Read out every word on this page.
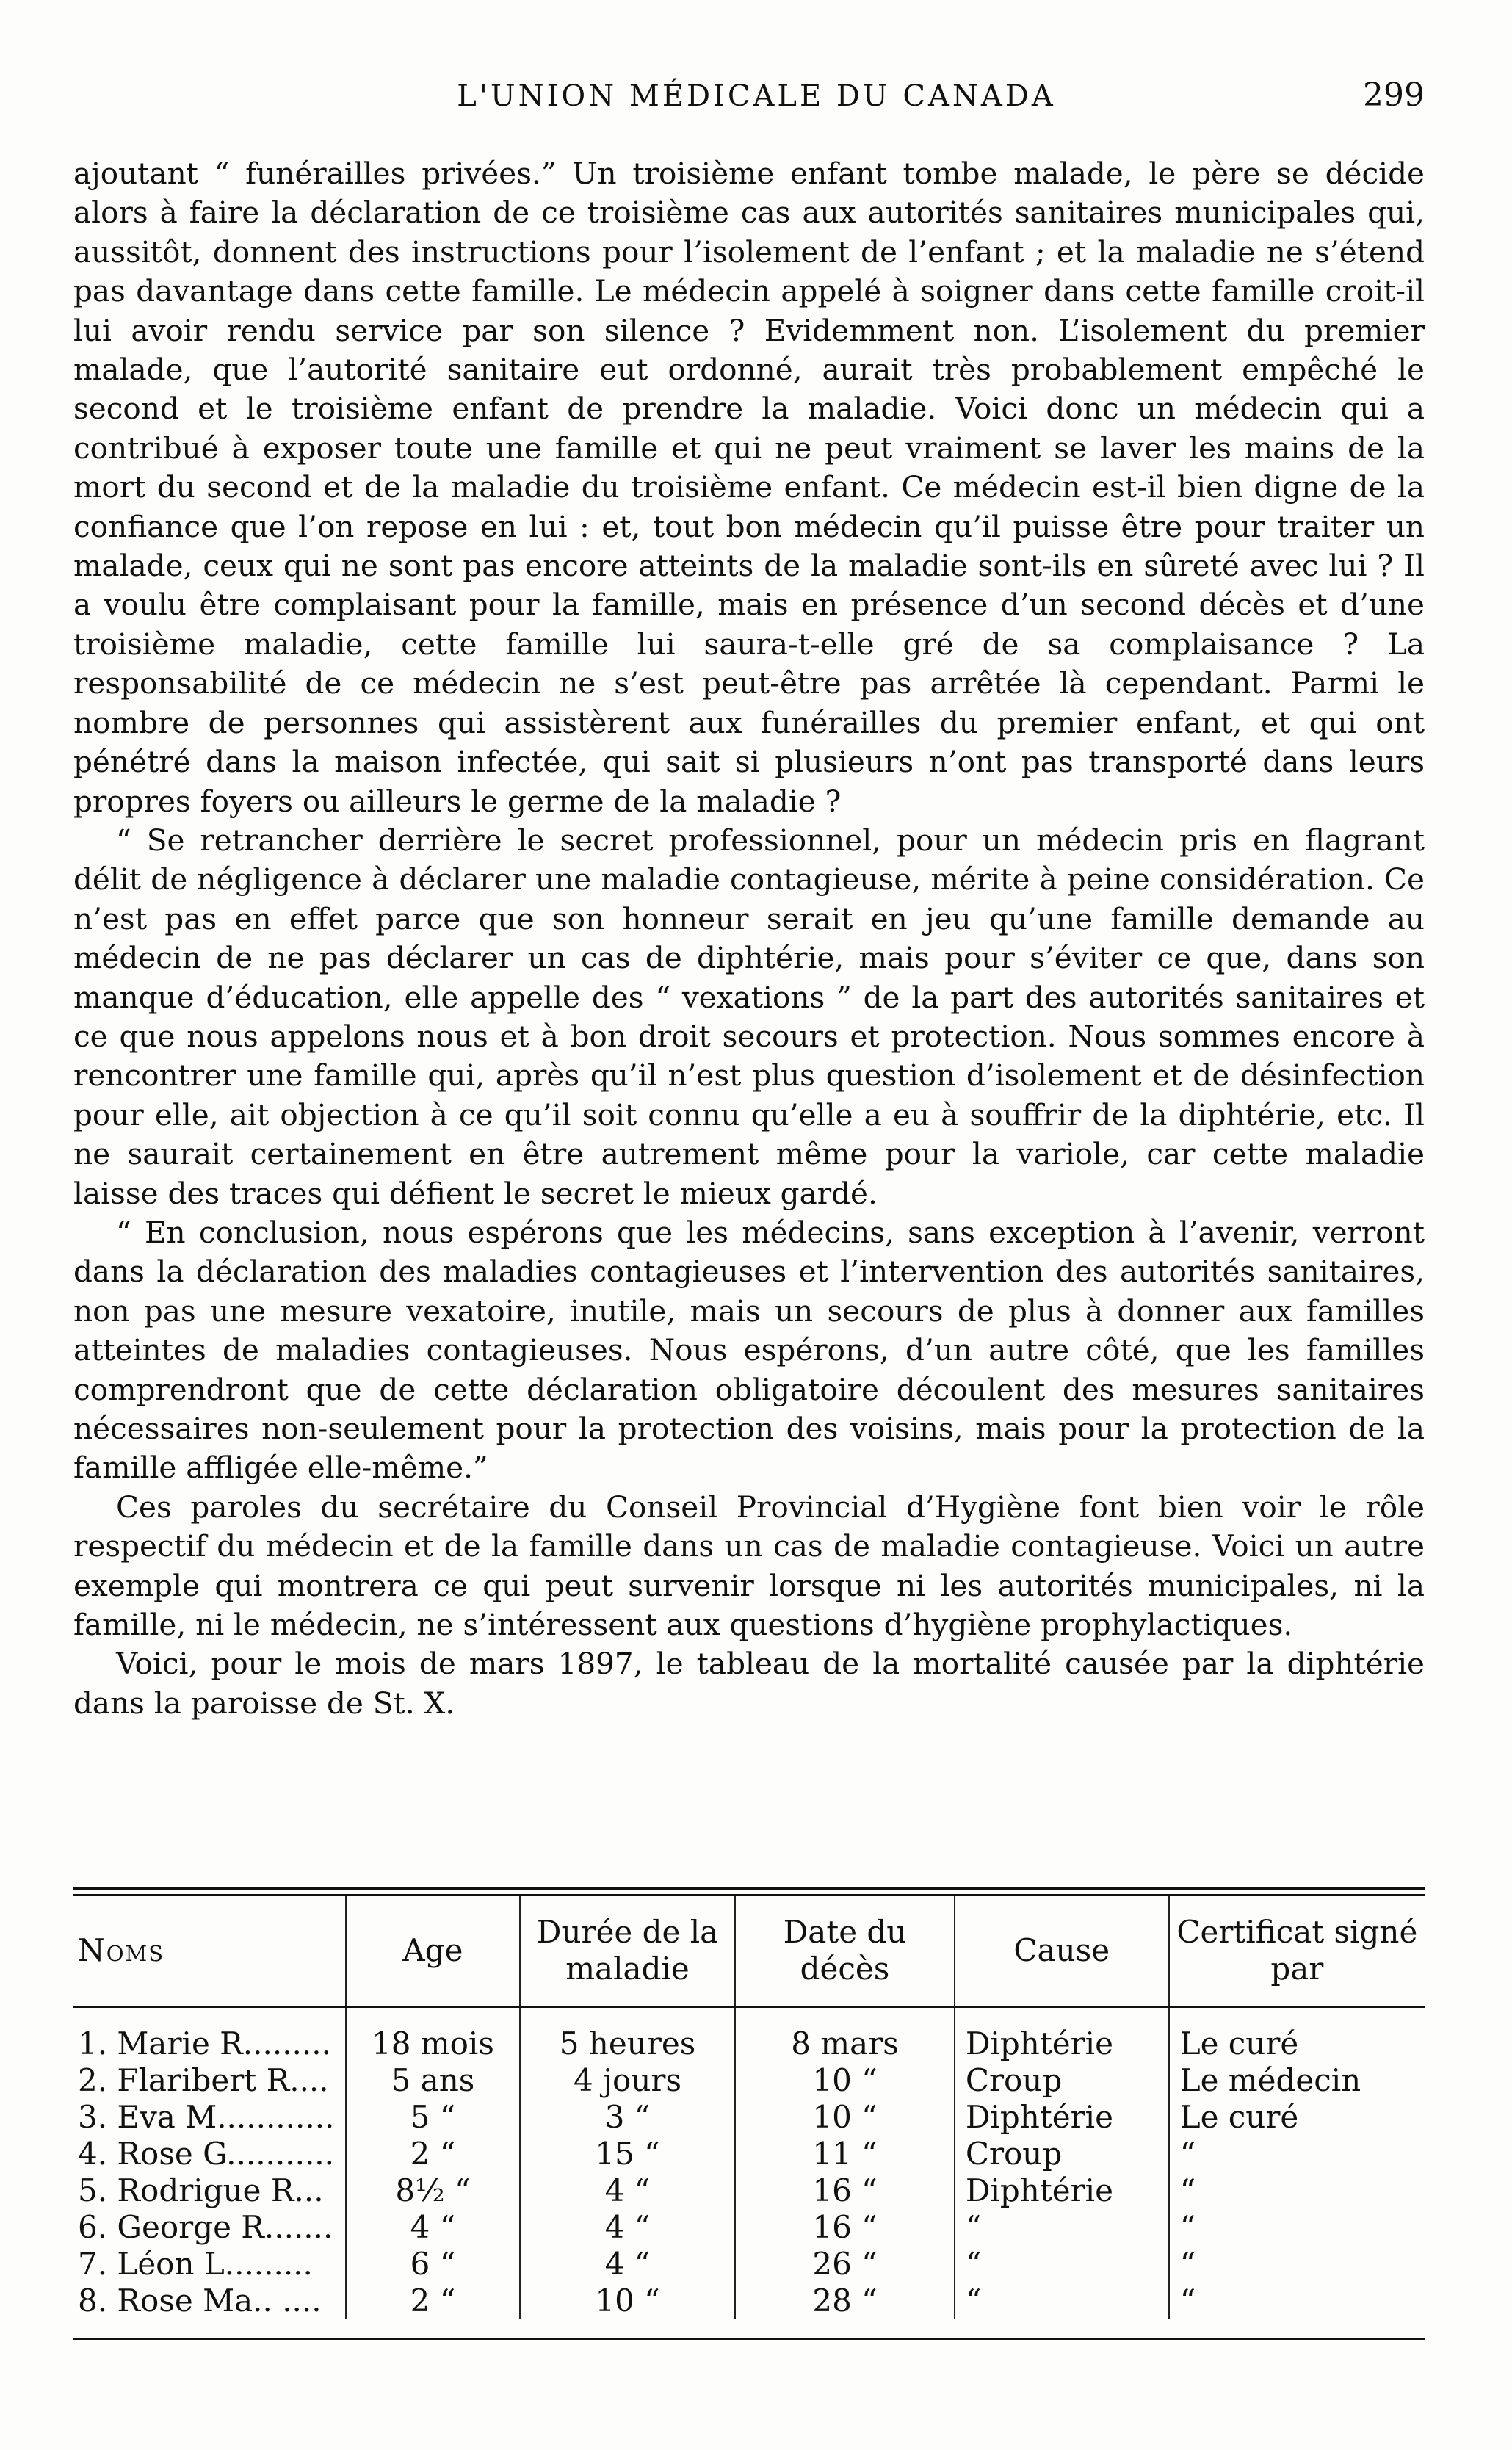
L'UNION MÉDICALE DU CANADA	299

ajoutant “ funérailles privées.” Un troisième enfant tombe malade, le père se décide alors à faire la déclaration de ce troisième cas aux autorités sanitaires municipales qui, aussitôt, donnent des instructions pour l’isolement de l’enfant ; et la maladie ne s’étend pas davantage dans cette famille. Le médecin appelé à soigner dans cette famille croit-il lui avoir rendu service par son silence ? Evidemment non. L’isolement du premier malade, que l’autorité sanitaire eut ordonné, aurait très probablement empêché le second et le troisième enfant de prendre la maladie. Voici donc un médecin qui a contribué à exposer toute une famille et qui ne peut vraiment se laver les mains de la mort du second et de la maladie du troisième enfant. Ce médecin est-il bien digne de la confiance que l’on repose en lui : et, tout bon médecin qu’il puisse être pour traiter un malade, ceux qui ne sont pas encore atteints de la maladie sont-ils en sûreté avec lui ? Il a voulu être complaisant pour la famille, mais en présence d’un second décès et d’une troisième maladie, cette famille lui saura-t-elle gré de sa complaisance ? La responsabilité de ce médecin ne s’est peut-être pas arrêtée là cependant. Parmi le nombre de personnes qui assistèrent aux funérailles du premier enfant, et qui ont pénétré dans la maison infectée, qui sait si plusieurs n’ont pas transporté dans leurs propres foyers ou ailleurs le germe de la maladie ?

“ Se retrancher derrière le secret professionnel, pour un médecin pris en flagrant délit de négligence à déclarer une maladie contagieuse, mérite à peine considération. Ce n’est pas en effet parce que son honneur serait en jeu qu’une famille demande au médecin de ne pas déclarer un cas de diphtérie, mais pour s’éviter ce que, dans son manque d’éducation, elle appelle des “ vexations ” de la part des autorités sanitaires et ce que nous appelons nous et à bon droit secours et protection. Nous sommes encore à rencontrer une famille qui, après qu’il n’est plus question d’isolement et de désinfection pour elle, ait objection à ce qu’il soit connu qu’elle a eu à souffrir de la diphtérie, etc. Il ne saurait certainement en être autrement même pour la variole, car cette maladie laisse des traces qui défient le secret le mieux gardé.

“ En conclusion, nous espérons que les médecins, sans exception à l’avenir, verront dans la déclaration des maladies contagieuses et l’intervention des autorités sanitaires, non pas une mesure vexatoire, inutile, mais un secours de plus à donner aux familles atteintes de maladies contagieuses. Nous espérons, d’un autre côté, que les familles comprendront que de cette déclaration obligatoire découlent des mesures sanitaires nécessaires non-seulement pour la protection des voisins, mais pour la protection de la famille affligée elle-même.”

Ces paroles du secrétaire du Conseil Provincial d’Hygiène font bien voir le rôle respectif du médecin et de la famille dans un cas de maladie contagieuse. Voici un autre exemple qui montrera ce qui peut survenir lorsque ni les autorités municipales, ni la famille, ni le médecin, ne s’intéressent aux questions d’hygiène prophylactiques.

Voici, pour le mois de mars 1897, le tableau de la mortalité causée par la diphtérie dans la paroisse de St. X.

Noms	Age	Durée de la maladie	Date du décès	Cause	Certificat signé par
1. Marie R.........	18 mois	5 heures	8 mars	Diphtérie	Le curé
2. Flaribert R....	5 ans	4 jours	10 “	Croup	Le médecin
3. Eva M............	5 “	3 “	10 “	Diphtérie	Le curé
4. Rose G...........	2 “	15 “	11 “	Croup	“
5. Rodrigue R...	8½ “	4 “	16 “	Diphtérie	“
6. George R.......	4 “	4 “	16 “	“	“
7. Léon L.........	6 “	4 “	26 “	“	“
8. Rose Ma.. ....	2 “	10 “	28 “	“	“
